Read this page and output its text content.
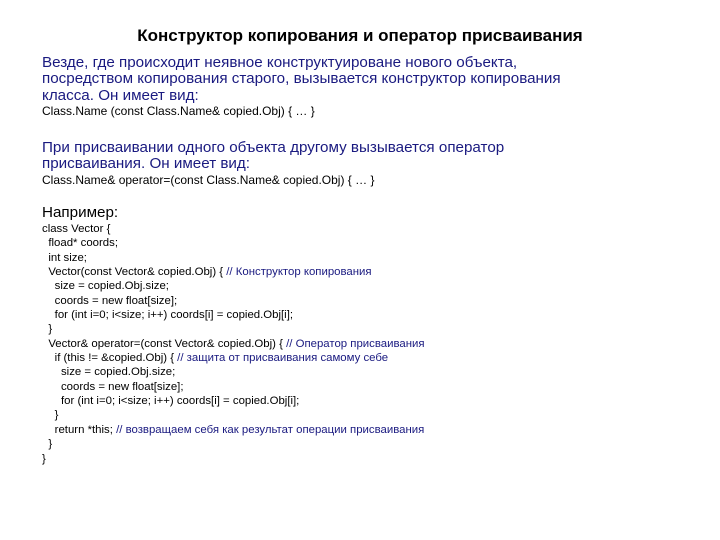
Конструктор копирования и оператор присваивания
Везде, где происходит неявное конструктуироване нового объекта,
посредством копирования старого, вызывается конструктор копирования
класса. Он имеет вид:
Class.Name (const Class.Name& copied.Obj) { … }
При присваивании одного объекта другому вызывается оператор
присваивания. Он имеет вид:
Class.Name& operator=(const Class.Name& copied.Obj) { … }
Например:
class Vector {
fload* coords;
int size;
Vector(const Vector& copied.Obj) { // Конструктор копирования
size = copied.Obj.size;
coords = new float[size];
for (int i=0; i<size; i++) coords[i] = copied.Obj[i];
}
Vector& operator=(const Vector& copied.Obj) { // Оператор присваивания
if (this != &copied.Obj) { // защита от присваивания самому себе
size = copied.Obj.size;
coords = new float[size];
for (int i=0; i<size; i++) coords[i] = copied.Obj[i];
}
return *this; // возвращаем себя как результат операции присваивания
}
}
